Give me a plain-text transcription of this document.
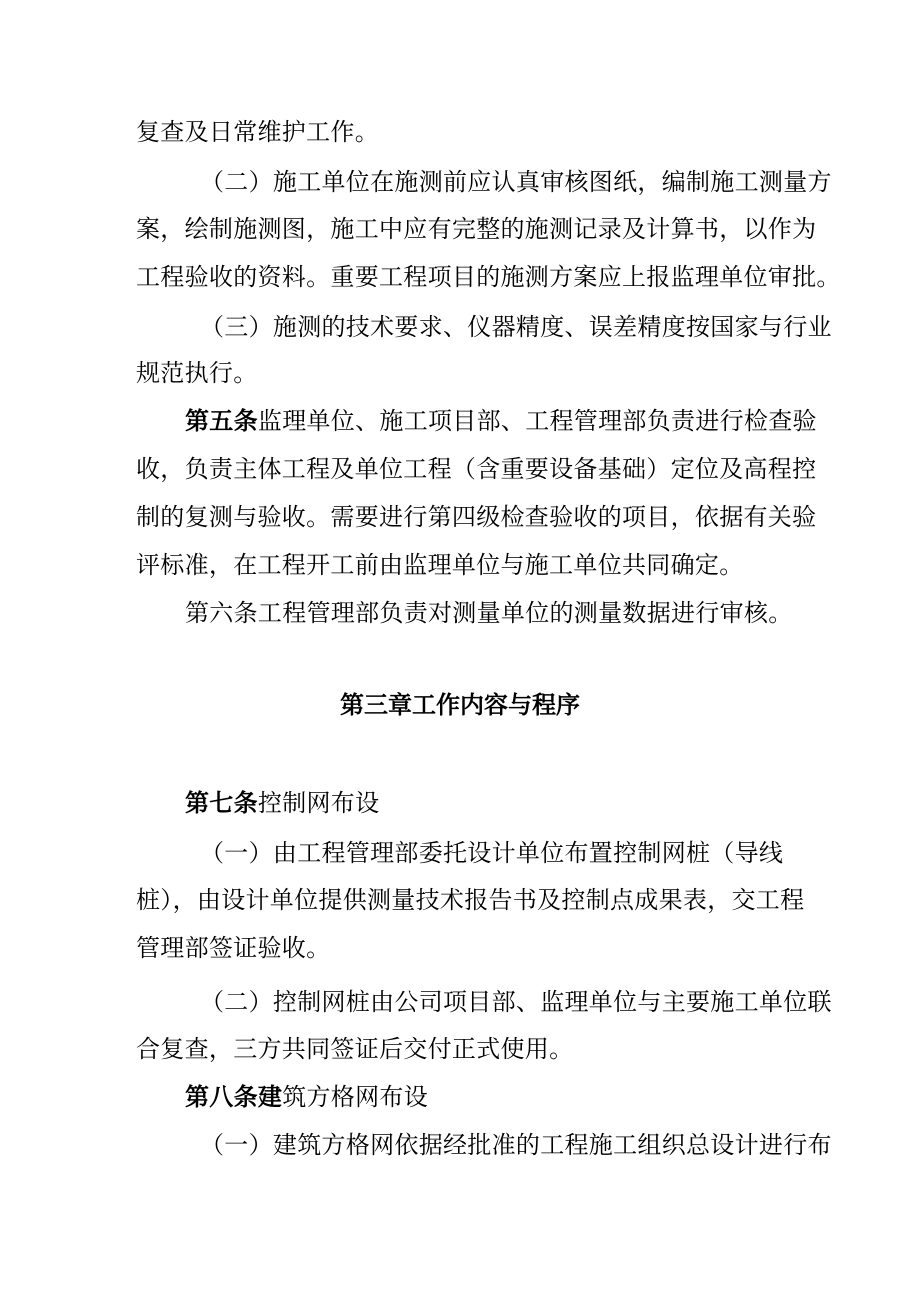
复查及日常维护工作。

（二）施工单位在施测前应认真审核图纸，编制施工测量方

案，绘制施测图，施工中应有完整的施测记录及计算书，以作为

工程验收的资料。重要工程项目的施测方案应上报监理单位审批。

（三）施测的技术要求、仪器精度、误差精度按国家与行业

规范执行。

第五条监理单位、施工项目部、工程管理部负责进行检查验

收，负责主体工程及单位工程（含重要设备基础）定位及高程控

制的复测与验收。需要进行第四级检查验收的项目，依据有关验

评标准，在工程开工前由监理单位与施工单位共同确定。

第六条工程管理部负责对测量单位的测量数据进行审核。

第三章工作内容与程序

第七条控制网布设

（一）由工程管理部委托设计单位布置控制网桩（导线

桩），由设计单位提供测量技术报告书及控制点成果表，交工程

管理部签证验收。

（二）控制网桩由公司项目部、监理单位与主要施工单位联

合复查，三方共同签证后交付正式使用。

第八条建筑方格网布设

（一）建筑方格网依据经批准的工程施工组织总设计进行布
